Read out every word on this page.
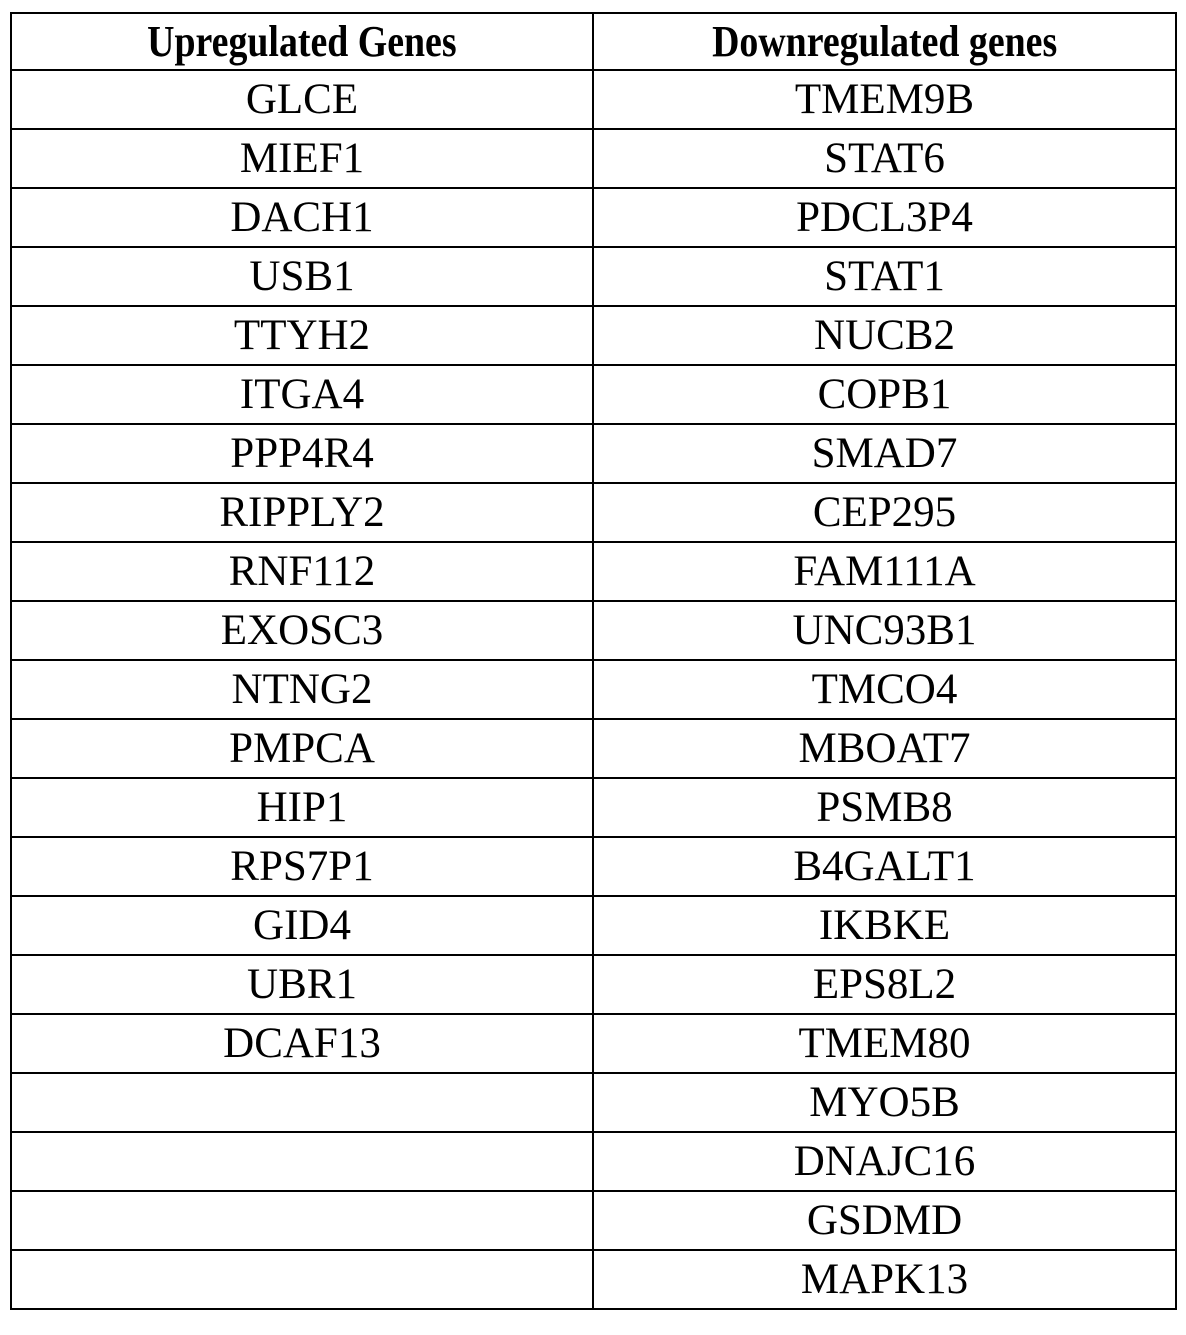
Upregulated Genes	Downregulated genes
GLCE	TMEM9B
MIEF1	STAT6
DACH1	PDCL3P4
USB1	STAT1
TTYH2	NUCB2
ITGA4	COPB1
PPP4R4	SMAD7
RIPPLY2	CEP295
RNF112	FAM111A
EXOSC3	UNC93B1
NTNG2	TMCO4
PMPCA	MBOAT7
HIP1	PSMB8
RPS7P1	B4GALT1
GID4	IKBKE
UBR1	EPS8L2
DCAF13	TMEM80
	MYO5B
	DNAJC16
	GSDMD
	MAPK13
